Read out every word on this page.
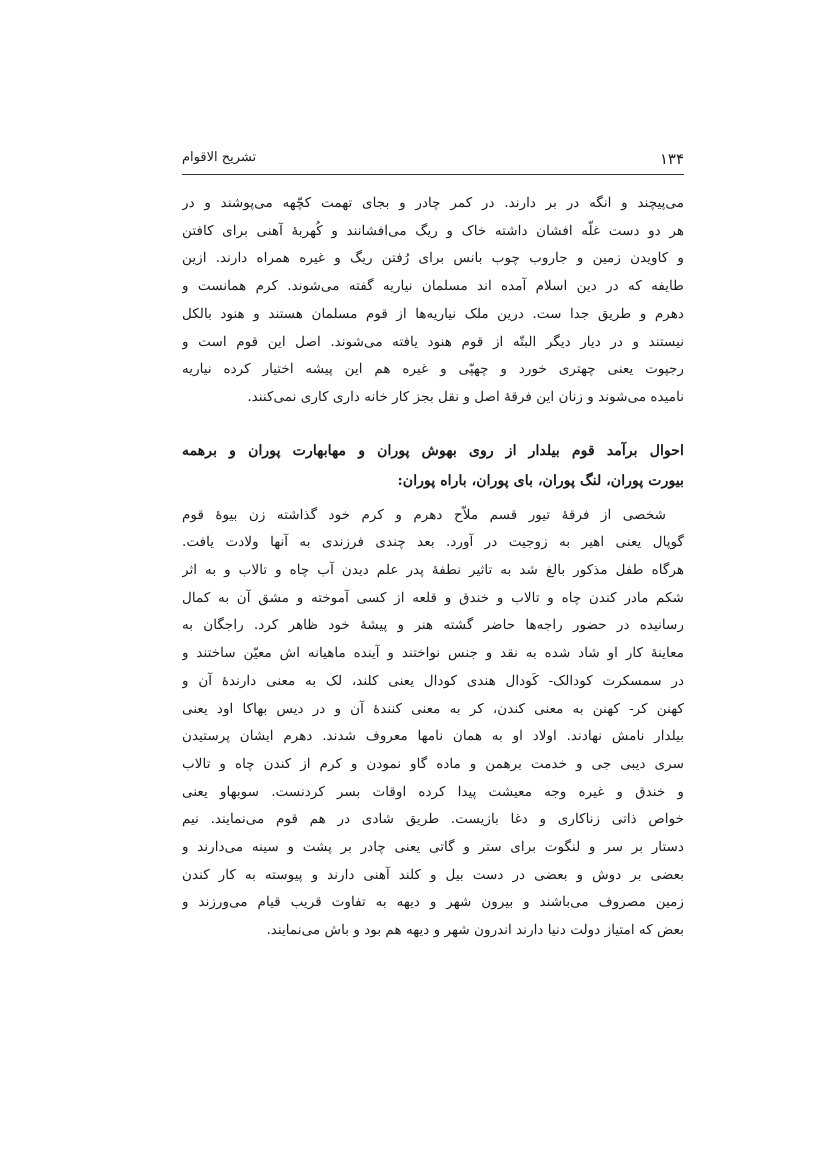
۱۳۴
تشریح الاقوام

می‌پیچند و انگه در بر دارند. در کمر چادر و بجای تهمت کچّهه می‌پوشند و در
هر دو دست غلّه افشان داشته خاک و ریگ می‌افشانند و کُهربهٔ آهنی برای کافتن
و کاویدن زمین و جاروب چوب بانس برای رُفتن ریگ و غیره همراه دارند. ازین
طایفه که در دین اسلام آمده اند مسلمان نیاریه گفته می‌شوند. کرم همانست و
دهرم و طریق جدا ست. درین ملک نیاریه‌ها از قوم مسلمان هستند و هنود بالکل
نیستند و در دیار دیگر البتّه از قوم هنود یافته می‌شوند. اصل این قوم است و
رجپوت یعنی چهتری خورد و چهپّی و غیره هم این پیشه اختیار کرده نیاریه
نامیده می‌شوند و زنان این فرقهٔ اصل و نقل بجز کار خانه داری کاری نمی‌کنند.

احوال برآمد قوم بیلدار از روی بهوش پوران و مهابهارت پوران و برهمه
بیورت پوران، لنگ پوران، بای پوران، باراه پوران:

شخصی از فرقهٔ تیور قسم ملاّح دهرم و کرم خود گذاشته زن بیوهٔ قوم
گوپال یعنی اهیر به زوجیت در آورد. بعد چندی فرزندی به آنها ولادت یافت.
هرگاه طفل مذکور بالغ شد به تاثیر نطفهٔ پدر علم دیدن آب چاه و تالاب و به اثر
شکم مادر کندن چاه و تالاب و خندق و قلعه از کسی آموخته و مشق آن به کمال
رسانیده در حضور راجه‌ها حاضر گشته هنر و پیشهٔ خود ظاهر کرد. راجگان به
معاینهٔ کار او شاد شده به نقد و جنس نواختند و آینده ماهیانه اش معیّن ساختند و
در سمسکرت کودالک- کَودال هندی کودال یعنی کلند، لک به معنی دارندهٔ آن و
کهنن کر- کهنن به معنی کندن، کر به معنی کنندهٔ آن و در دیس بهاکا اود یعنی
بیلدار نامش نهادند. اولاد او به همان نامها معروف شدند. دهرم ایشان پرستیدن
سری دیبی جی و خدمت برهمن و ماده گاو نمودن و کرم از کندن چاه و تالاب
و خندق و غیره وجه معیشت پیدا کرده اوقات بسر کردنست. سوبهاو یعنی
خواص ذاتی زناکاری و دغا بازیست. طریق شادی در هم قوم می‌نمایند. نیم
دستار بر سر و لنگوت برای ستر و گاتی یعنی چادر بر پشت و سینه می‌دارند و
بعضی بر دوش و بعضی در دست بیل و کلند آهنی دارند و پیوسته به کار کندن
زمین مصروف می‌باشند و بیرون شهر و دیهه به تفاوت قریب قیام می‌ورزند و
بعض که امتیاز دولت دنیا دارند اندرون شهر و دیهه هم بود و باش می‌نمایند.
